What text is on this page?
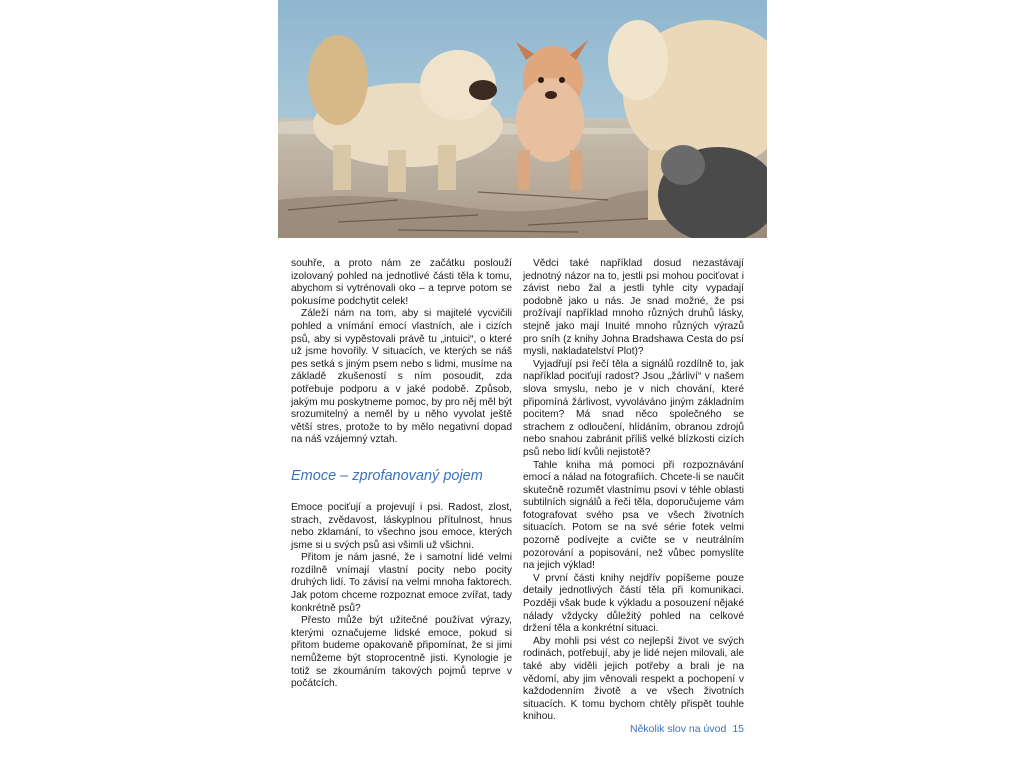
souhře, a proto nám ze začátku poslouží izolovaný pohled na jednotlivé části těla k tomu, abychom si vytrénovali oko – a teprve potom se pokusíme podchytit celek!

Záleží nám na tom, aby si majitelé vycvičili pohled a vnímání emocí vlastních, ale i cizích psů, aby si vypěstovali právě tu „intuici“, o které už jsme hovořily. V situacích, ve kterých se náš pes setká s jiným psem nebo s lidmi, musíme na základě zkušeností s ním posoudit, zda potřebuje podporu a v jaké podobě. Způsob, jakým mu poskytneme pomoc, by pro něj měl být srozumitelný a neměl by u něho vyvolat ještě větší stres, protože to by mělo negativní dopad na náš vzájemný vztah.

Emoce – zprofanovaný pojem

Emoce pociťují a projevují i psi. Radost, zlost, strach, zvědavost, láskyplnou přítulnost, hnus nebo zklamání, to všechno jsou emoce, kterých jsme si u svých psů asi všimli už všichni.

Přitom je nám jasné, že i samotní lidé velmi rozdílně vnímají vlastní pocity nebo pocity druhých lidí. To závisí na velmi mnoha faktorech. Jak potom chceme rozpoznat emoce zvířat, tady konkrétně psů?

Přesto může být užitečné používat výrazy, kterými označujeme lidské emoce, pokud si přitom budeme opakovaně připomínat, že si jimi nemůžeme být stoprocentně jisti. Kynologie je totiž se zkoumáním takových pojmů teprve v počátcích.

Vědci také například dosud nezastávají jednotný názor na to, jestli psi mohou pociťovat i závist nebo žal a jestli tyhle city vypadají podobně jako u nás. Je snad možné, že psi prožívají například mnoho různých druhů lásky, stejně jako mají Inuité mnoho různých výrazů pro sníh (z knihy Johna Bradshawa Cesta do psí mysli, nakladatelství Plot)?

Vyjadřují psi řečí těla a signálů rozdílně to, jak například pociťují radost? Jsou „žárliví“ v našem slova smyslu, nebo je v nich chování, které připomíná žárlivost, vyvoláváno jiným základním pocitem? Má snad něco společného se strachem z odloučení, hlídáním, obranou zdrojů nebo snahou zabránit příliš velké blízkosti cizích psů nebo lidí kvůli nejistotě?

Tahle kniha má pomoci při rozpoznávání emocí a nálad na fotografiích. Chcete-li se naučit skutečně rozumět vlastnímu psovi v téhle oblasti subtilních signálů a řeči těla, doporučujeme vám fotografovat svého psa ve všech životních situacích. Potom se na své série fotek velmi pozorně podívejte a cvičte se v neutrálním pozorování a popisování, než vůbec pomyslíte na jejich výklad!

V první části knihy nejdřív popíšeme pouze detaily jednotlivých částí těla při komunikaci. Později však bude k výkladu a posouzení nějaké nálady vždycky důležitý pohled na celkové držení těla a konkrétní situaci.

Aby mohli psi vést co nejlepší život ve svých rodinách, potřebují, aby je lidé nejen milovali, ale také aby viděli jejich potřeby a brali je na vědomí, aby jim věnovali respekt a pochopení v každodenním životě a ve všech životních situacích. K tomu bychom chtěly přispět touhle knihou.

Několik slov na úvod 15
